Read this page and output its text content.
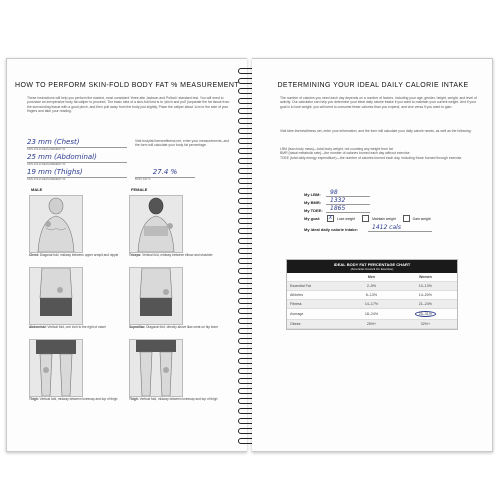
HOW TO PERFORM SKIN-FOLD BODY FAT % MEASUREMENT
These instructions will help you perform the easiest, most consistent 'three-site Jackson and Pollock' standard test. You will need to purchase an inexpensive body fat caliper to proceed. The basic idea of a skin-fold test is to 'pinch and pull' (separate the fat tissue from the surrounding tissue with a good pinch, and then pull away from the body just slightly. Place the caliper about 1cm to the side of your fingers and take your reading.
23 mm (Chest)
SKIN-FOLD MEASUREMENT #1
25 mm (Abdominal)
SKIN-FOLD MEASUREMENT #2
19 mm (Thighs)
SKIN-FOLD MEASUREMENT #3
Visit bodyfat.livenewfitness.net, enter your measurements, and the form will calculate your body fat percentage.
27.4 %
BODY FAT %
MALE	FEMALE
Chest: Diagonal fold, midway between upper armpit and nipple	Triceps: Vertical fold, midway between elbow and shoulder
Abdominal: Vertical fold, one inch to the right of navel	Suprailiac: Diagonal fold, directly above iliac crest on hip bone
Thigh: Vertical fold, midway between kneecap and top of thigh	Thigh: Vertical fold, midway between kneecap and top of thigh
DETERMINING YOUR IDEAL DAILY CALORIE INTAKE
The number of calories you need each day depends on a number of factors, including your age, gender, height, weight, and level of activity. Our calculator can help you determine your ideal daily calorie intake if you want to maintain your current weight. And if your goal is to lose weight, you will need to consume fewer calories than you expend, and vice versa if you want to gain.
Visit tdee.livenewfitness.net, enter your information, and the form will calculate your daily calorie needs, as well as the following:
LBM (lean body mass)—total body weight, not counting any weight from fat
BMR (basal metabolic rate)—the number of calories burned each day without exercise
TDEE (total daily energy expenditure)—the number of calories burned each day, including those burned through exercise
My LBM:	98
My BMR:	1332
My TDEE:	1865
My goal:	X	Lose weight	Maintain weight	Gain weight
My ideal daily calorie intake:	1412 cals
IDEAL BODY FAT PERCENTAGE CHART
(American Council On Exercise)
	Men	Women
Essential Fat	2–5%	10–13%
Athletes	6–13%	14–20%
Fitness	14–17%	21–24%
Average	18–24%	25–31%
Obese	25%+	32%+
